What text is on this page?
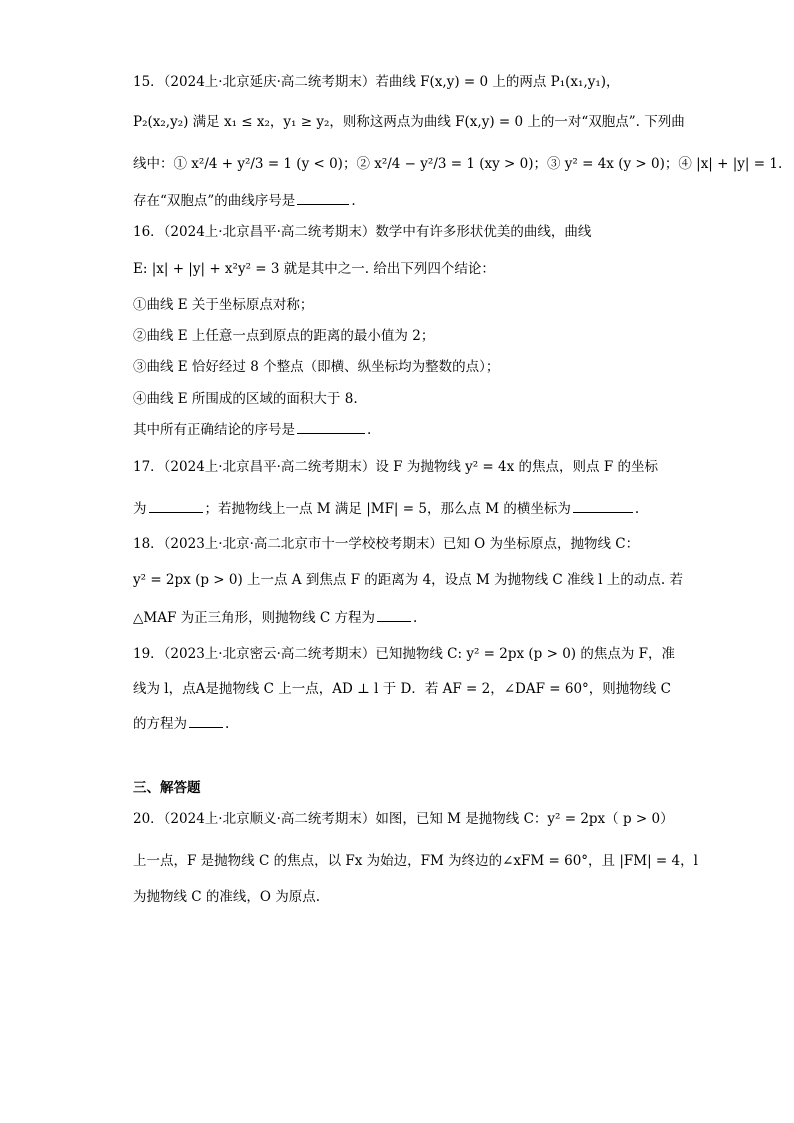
15．（2024上·北京延庆·高二统考期末）若曲线 F(x,y) = 0 上的两点 P₁(x₁,y₁)，
P₂(x₂,y₂) 满足 x₁ ≤ x₂，y₁ ≥ y₂，则称这两点为曲线 F(x,y) = 0 上的一对“双胞点”. 下列曲
线中：① x²/4 + y²/3 = 1 (y < 0)；② x²/4 − y²/3 = 1 (xy > 0)；③ y² = 4x (y > 0)；④ |x| + |y| = 1.
存在“双胞点”的曲线序号是	.
16．（2024上·北京昌平·高二统考期末）数学中有许多形状优美的曲线，曲线
E: |x| + |y| + x²y² = 3 就是其中之一. 给出下列四个结论：
①曲线 E 关于坐标原点对称；
②曲线 E 上任意一点到原点的距离的最小值为 2；
③曲线 E 恰好经过 8 个整点（即横、纵坐标均为整数的点）；
④曲线 E 所围成的区域的面积大于 8.
其中所有正确结论的序号是	.
17．（2024上·北京昌平·高二统考期末）设 F 为抛物线 y² = 4x 的焦点，则点 F 的坐标
为	；若抛物线上一点 M 满足 |MF| = 5，那么点 M 的横坐标为	.
18．（2023上·北京·高二北京市十一学校校考期末）已知 O 为坐标原点，抛物线 C：
y² = 2px (p > 0) 上一点 A 到焦点 F 的距离为 4，设点 M 为抛物线 C 准线 l 上的动点. 若
△MAF 为正三角形，则抛物线 C 方程为	.
19．（2023上·北京密云·高二统考期末）已知抛物线 C: y² = 2px (p > 0) 的焦点为 F，准
线为 l，点A是抛物线 C 上一点，AD ⊥ l 于 D．若 AF = 2，∠DAF = 60°，则抛物线 C
的方程为	.
三、解答题
20．（2024上·北京顺义·高二统考期末）如图，已知 M 是抛物线 C：y² = 2px（ p > 0）
上一点，F 是抛物线 C 的焦点，以 Fx 为始边，FM 为终边的∠xFM = 60°，且 |FM| = 4，l
为抛物线 C 的准线，O 为原点.
